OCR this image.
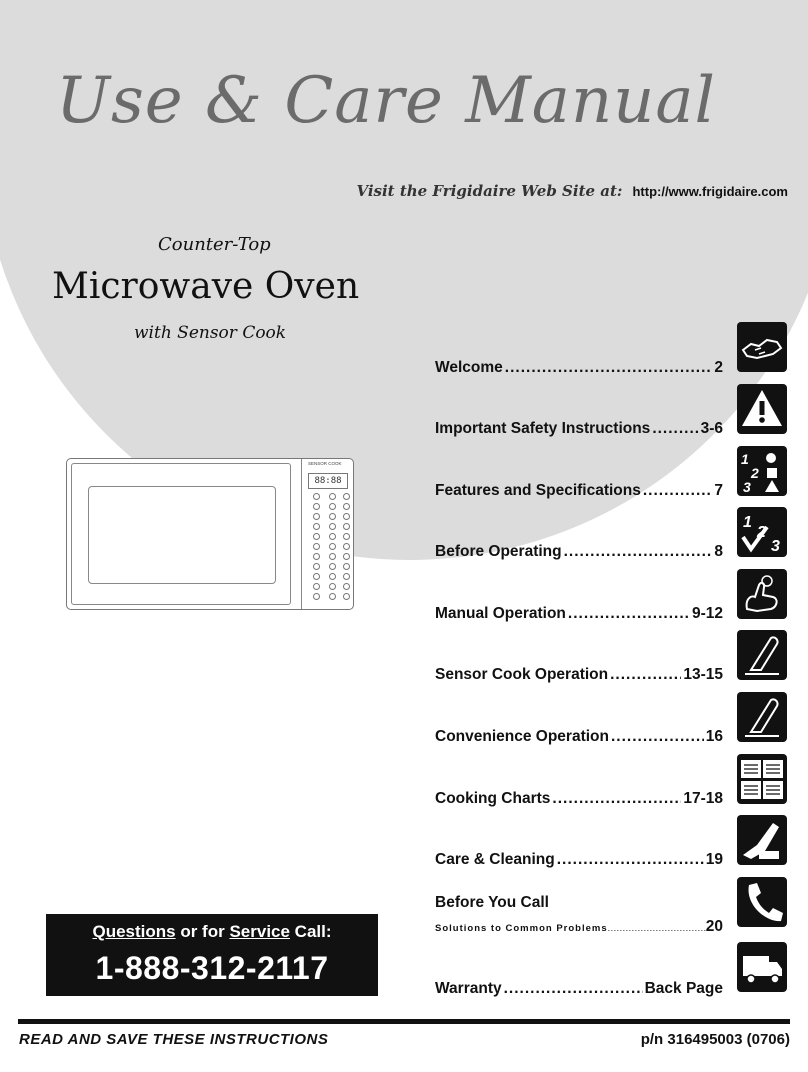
Use & Care Manual
Visit the Frigidaire Web Site at: http://www.frigidaire.com
Counter-Top
Microwave Oven
with Sensor Cook
SENSOR COOK
88:88
Welcome .....	2
Important Safety Instructions .....	3-6
Features and Specifications .....	7
Before Operating .....	8
Manual Operation .....	9-12
Sensor Cook Operation .....	13-15
Convenience Operation .....	16
Cooking Charts .....	17-18
Care & Cleaning .....	19
Before You Call
Solutions to Common Problems .....	20
Warranty .....	Back Page
1
2
3
1
2
3
Questions or for Service Call:
1-888-312-2117
READ AND SAVE THESE INSTRUCTIONS	p/n 316495003 (0706)
